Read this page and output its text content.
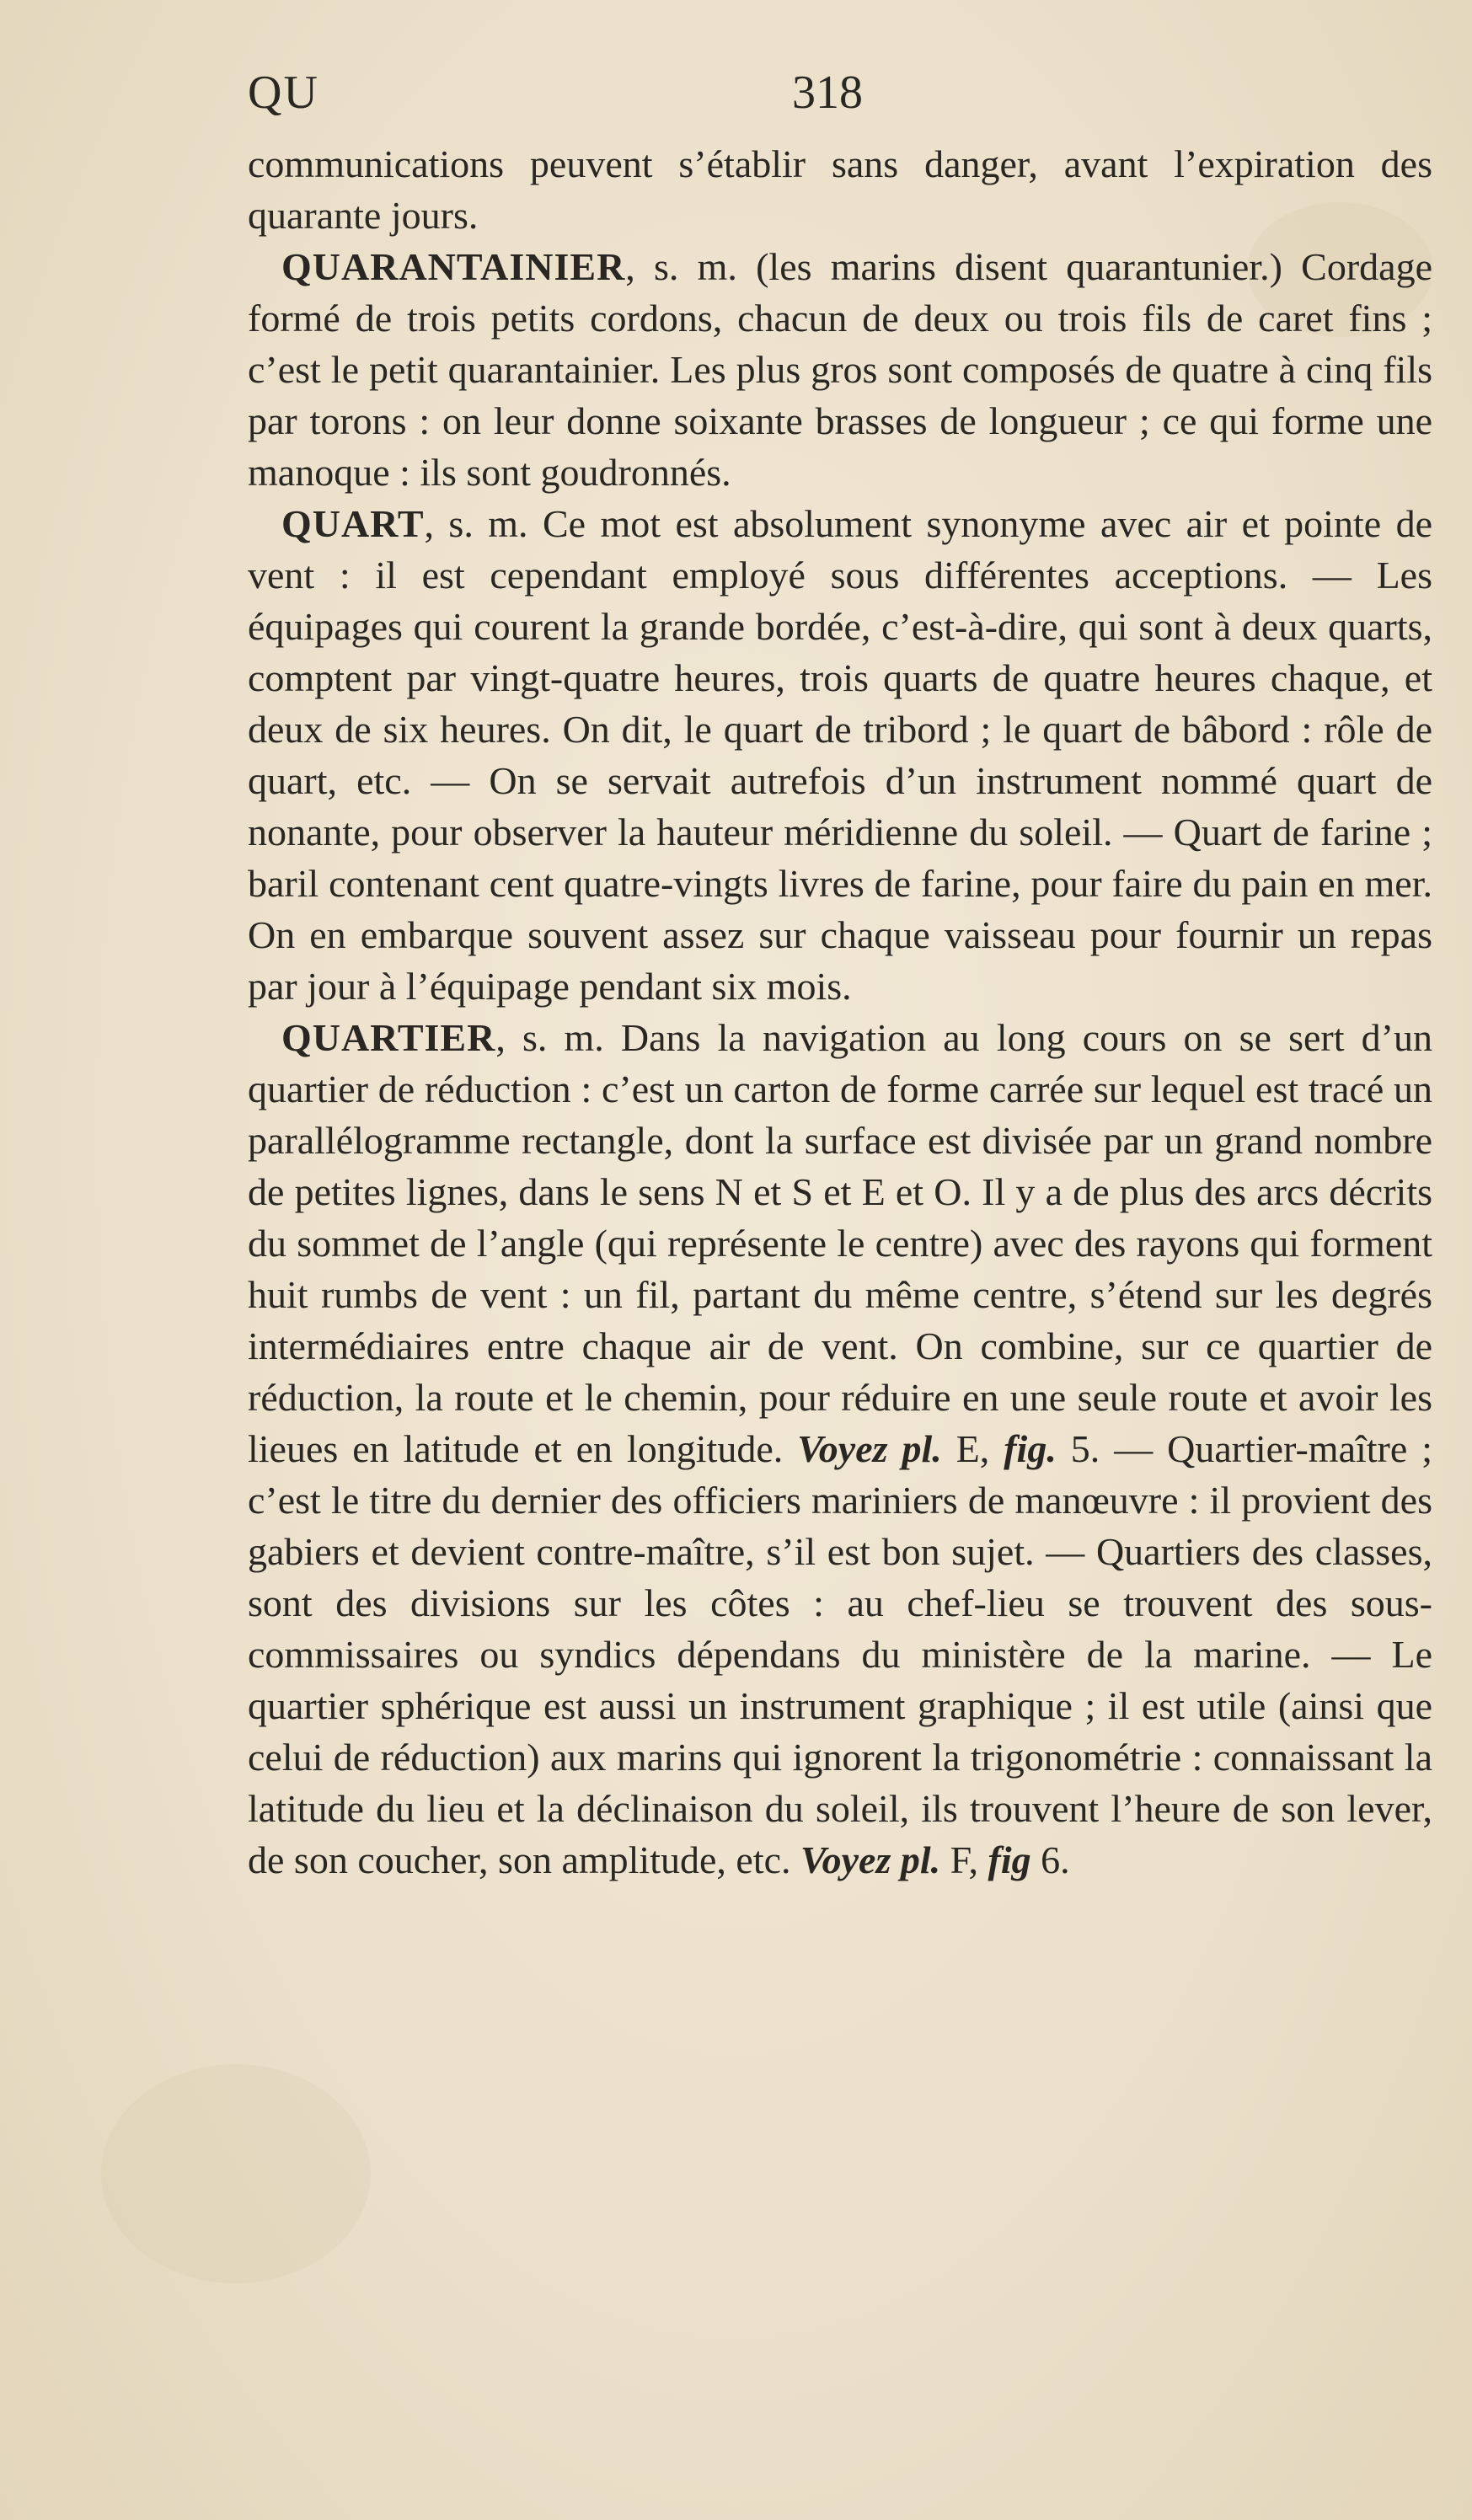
QU	318

communications peuvent s’établir sans danger, avant l’expiration des quarante jours.

QUARANTAINIER, s. m. (les marins disent quarantunier.) Cordage formé de trois petits cordons, chacun de deux ou trois fils de caret fins ; c’est le petit quarantainier. Les plus gros sont composés de quatre à cinq fils par torons : on leur donne soixante brasses de longueur ; ce qui forme une manoque : ils sont goudronnés.

QUART, s. m. Ce mot est absolument synonyme avec air et pointe de vent : il est cependant employé sous différentes acceptions. — Les équipages qui courent la grande bordée, c’est-à-dire, qui sont à deux quarts, comptent par vingt-quatre heures, trois quarts de quatre heures chaque, et deux de six heures. On dit, le quart de tribord ; le quart de bâbord : rôle de quart, etc. — On se servait autrefois d’un instrument nommé quart de nonante, pour observer la hauteur méridienne du soleil. — Quart de farine ; baril contenant cent quatre-vingts livres de farine, pour faire du pain en mer. On en embarque souvent assez sur chaque vaisseau pour fournir un repas par jour à l’équipage pendant six mois.

QUARTIER, s. m. Dans la navigation au long cours on se sert d’un quartier de réduction : c’est un carton de forme carrée sur lequel est tracé un parallélogramme rectangle, dont la surface est divisée par un grand nombre de petites lignes, dans le sens N et S et E et O. Il y a de plus des arcs décrits du sommet de l’angle (qui représente le centre) avec des rayons qui forment huit rumbs de vent : un fil, partant du même centre, s’étend sur les degrés intermédiaires entre chaque air de vent. On combine, sur ce quartier de réduction, la route et le chemin, pour réduire en une seule route et avoir les lieues en latitude et en longitude. Voyez pl. E, fig. 5. — Quartier-maître ; c’est le titre du dernier des officiers mariniers de manœuvre : il provient des gabiers et devient contre-maître, s’il est bon sujet. — Quartiers des classes, sont des divisions sur les côtes : au chef-lieu se trouvent des sous-commissaires ou syndics dépendans du ministère de la marine. — Le quartier sphérique est aussi un instrument graphique ; il est utile (ainsi que celui de réduction) aux marins qui ignorent la trigonométrie : connaissant la latitude du lieu et la déclinaison du soleil, ils trouvent l’heure de son lever, de son coucher, son amplitude, etc. Voyez pl. F, fig 6.
